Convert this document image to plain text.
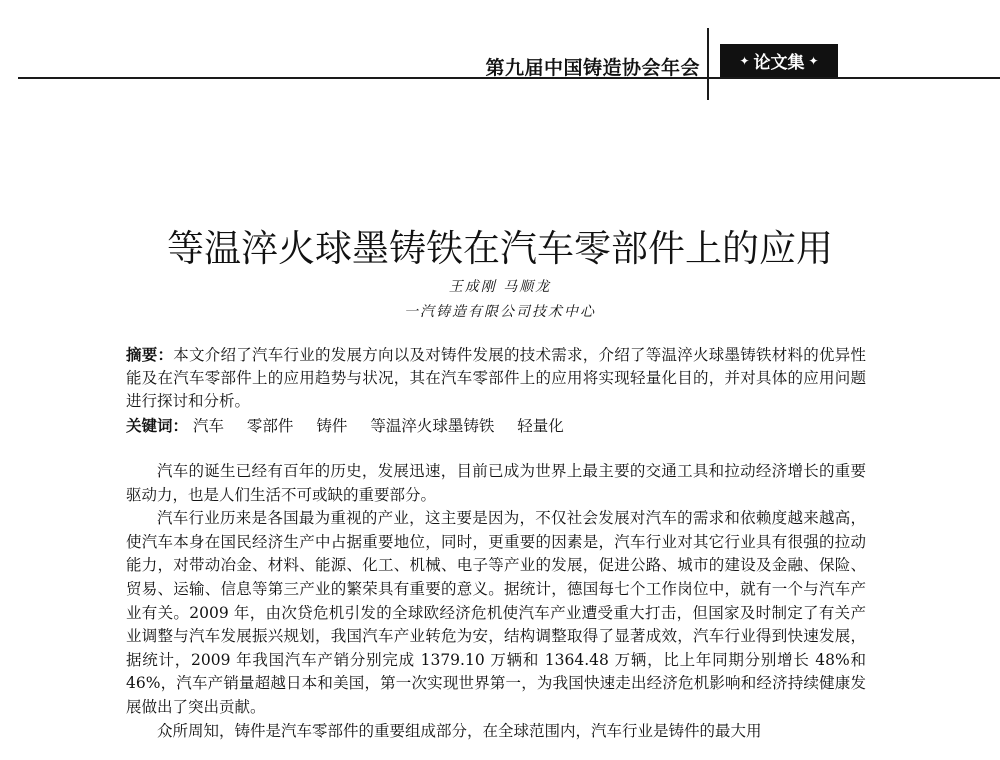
第九届中国铸造协会年会	✦ 论文集 ✦
等温淬火球墨铸铁在汽车零部件上的应用
王成刚 马顺龙
一汽铸造有限公司技术中心
摘要：本文介绍了汽车行业的发展方向以及对铸件发展的技术需求，介绍了等温淬火球墨铸铁材料的优异性能及在汽车零部件上的应用趋势与状况，其在汽车零部件上的应用将实现轻量化目的，并对具体的应用问题进行探讨和分析。
关键词： 汽车 零部件 铸件 等温淬火球墨铸铁 轻量化

汽车的诞生已经有百年的历史，发展迅速，目前已成为世界上最主要的交通工具和拉动经济增长的重要驱动力，也是人们生活不可或缺的重要部分。

汽车行业历来是各国最为重视的产业，这主要是因为，不仅社会发展对汽车的需求和依赖度越来越高，使汽车本身在国民经济生产中占据重要地位，同时，更重要的因素是，汽车行业对其它行业具有很强的拉动能力，对带动冶金、材料、能源、化工、机械、电子等产业的发展，促进公路、城市的建设及金融、保险、贸易、运输、信息等第三产业的繁荣具有重要的意义。据统计，德国每七个工作岗位中，就有一个与汽车产业有关。2009 年，由次贷危机引发的全球欧经济危机使汽车产业遭受重大打击，但国家及时制定了有关产业调整与汽车发展振兴规划，我国汽车产业转危为安，结构调整取得了显著成效，汽车行业得到快速发展，据统计，2009 年我国汽车产销分别完成 1379.10 万辆和 1364.48 万辆，比上年同期分别增长 48%和 46%，汽车产销量超越日本和美国，第一次实现世界第一，为我国快速走出经济危机影响和经济持续健康发展做出了突出贡献。

众所周知，铸件是汽车零部件的重要组成部分，在全球范围内，汽车行业是铸件的最大用
